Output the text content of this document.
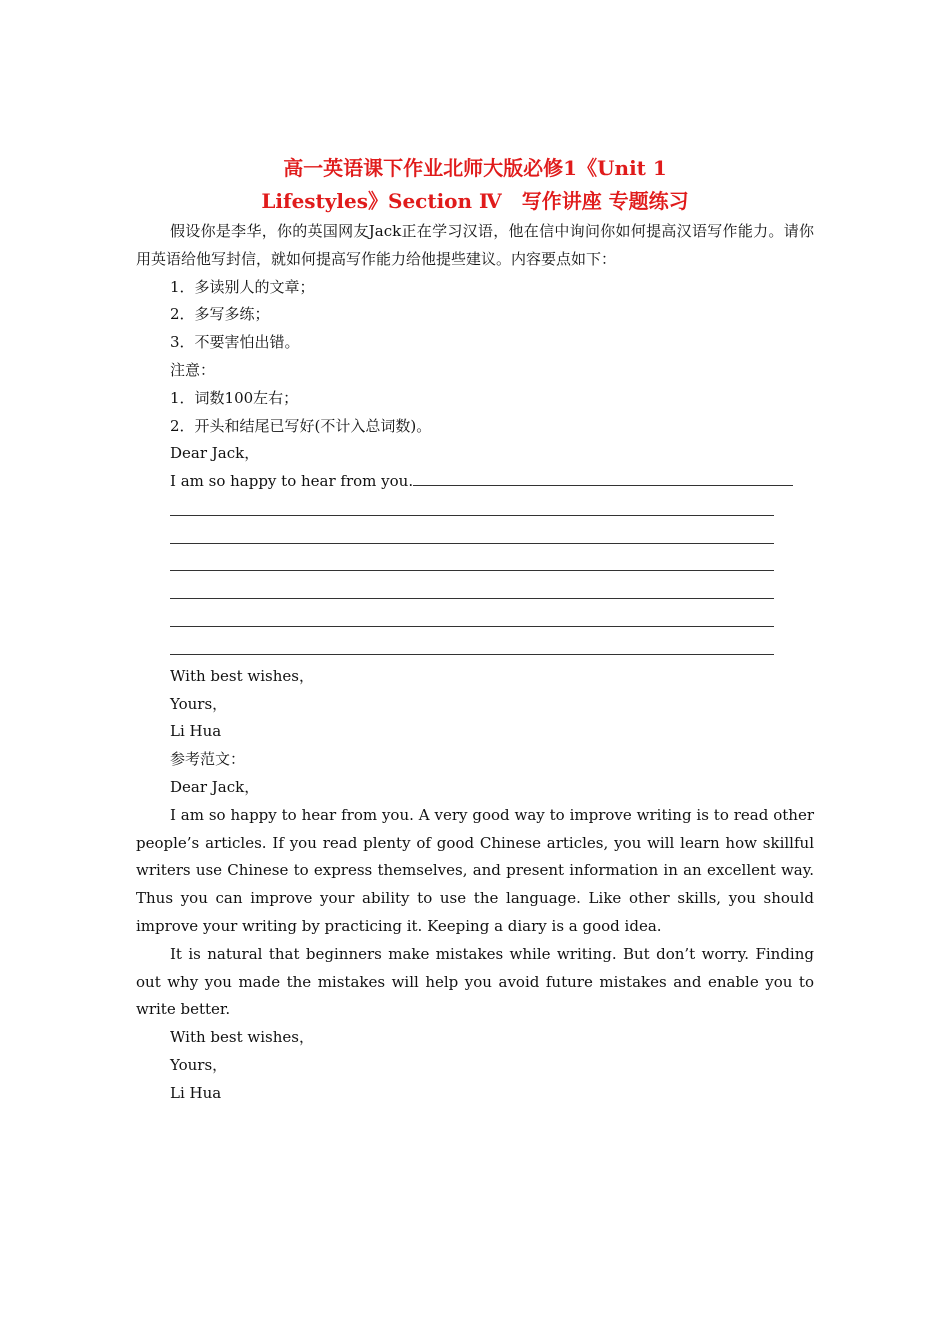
高一英语课下作业北师大版必修1《Unit 1
Lifestyles》Section Ⅳ　写作讲座 专题练习

假设你是李华，你的英国网友Jack正在学习汉语，他在信中询问你如何提高汉语写作能力。请你用英语给他写封信，就如何提高写作能力给他提些建议。内容要点如下：

1．多读别人的文章；

2．多写多练；

3．不要害怕出错。

注意：

1．词数100左右；

2．开头和结尾已写好(不计入总词数)。

Dear Jack，

I am so happy to hear from you.

With best wishes，

Yours，

Li Hua

参考范文：

Dear Jack，

I am so happy to hear from you. A very good way to improve writing is to read other people’s articles. If you read plenty of good Chinese articles, you will learn how skillful writers use Chinese to express themselves, and present information in an excellent way. Thus you can improve your ability to use the language. Like other skills, you should improve your writing by practicing it. Keeping a diary is a good idea.

It is natural that beginners make mistakes while writing. But don’t worry. Finding out why you made the mistakes will help you avoid future mistakes and enable you to write better.

With best wishes，

Yours，

Li Hua
